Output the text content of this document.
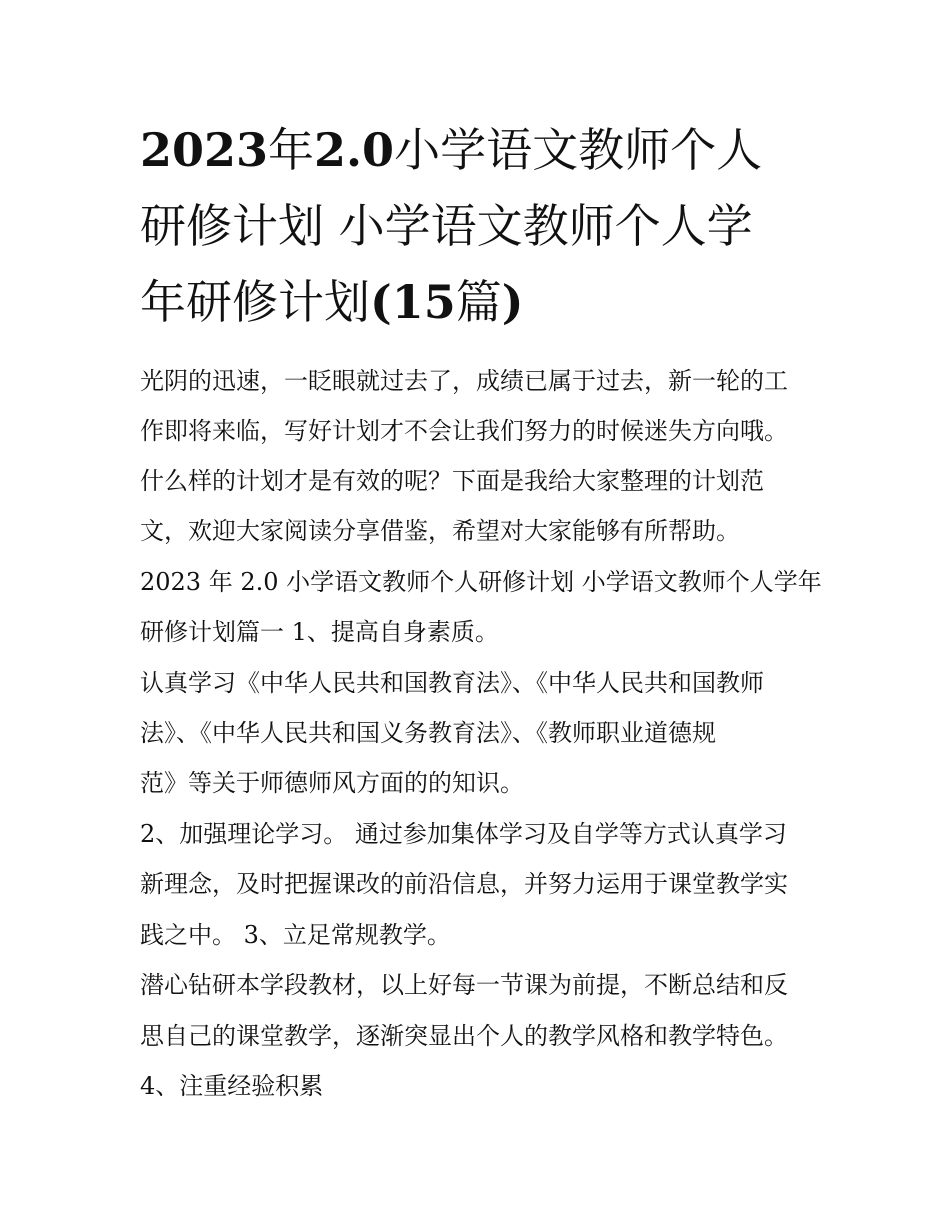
2023年2.0小学语文教师个人
研修计划 小学语文教师个人学
年研修计划(15篇)
光阴的迅速，一眨眼就过去了，成绩已属于过去，新一轮的工
作即将来临，写好计划才不会让我们努力的时候迷失方向哦。
什么样的计划才是有效的呢？下面是我给大家整理的计划范
文，欢迎大家阅读分享借鉴，希望对大家能够有所帮助。
2023 年 2.0 小学语文教师个人研修计划 小学语文教师个人学年
研修计划篇一 1、提高自身素质。
认真学习《中华人民共和国教育法》、《中华人民共和国教师
法》、《中华人民共和国义务教育法》、《教师职业道德规
范》等关于师德师风方面的的知识。
2、加强理论学习。 通过参加集体学习及自学等方式认真学习
新理念，及时把握课改的前沿信息，并努力运用于课堂教学实
践之中。 3、立足常规教学。
潜心钻研本学段教材，以上好每一节课为前提，不断总结和反
思自己的课堂教学，逐渐突显出个人的教学风格和教学特色。
4、注重经验积累
